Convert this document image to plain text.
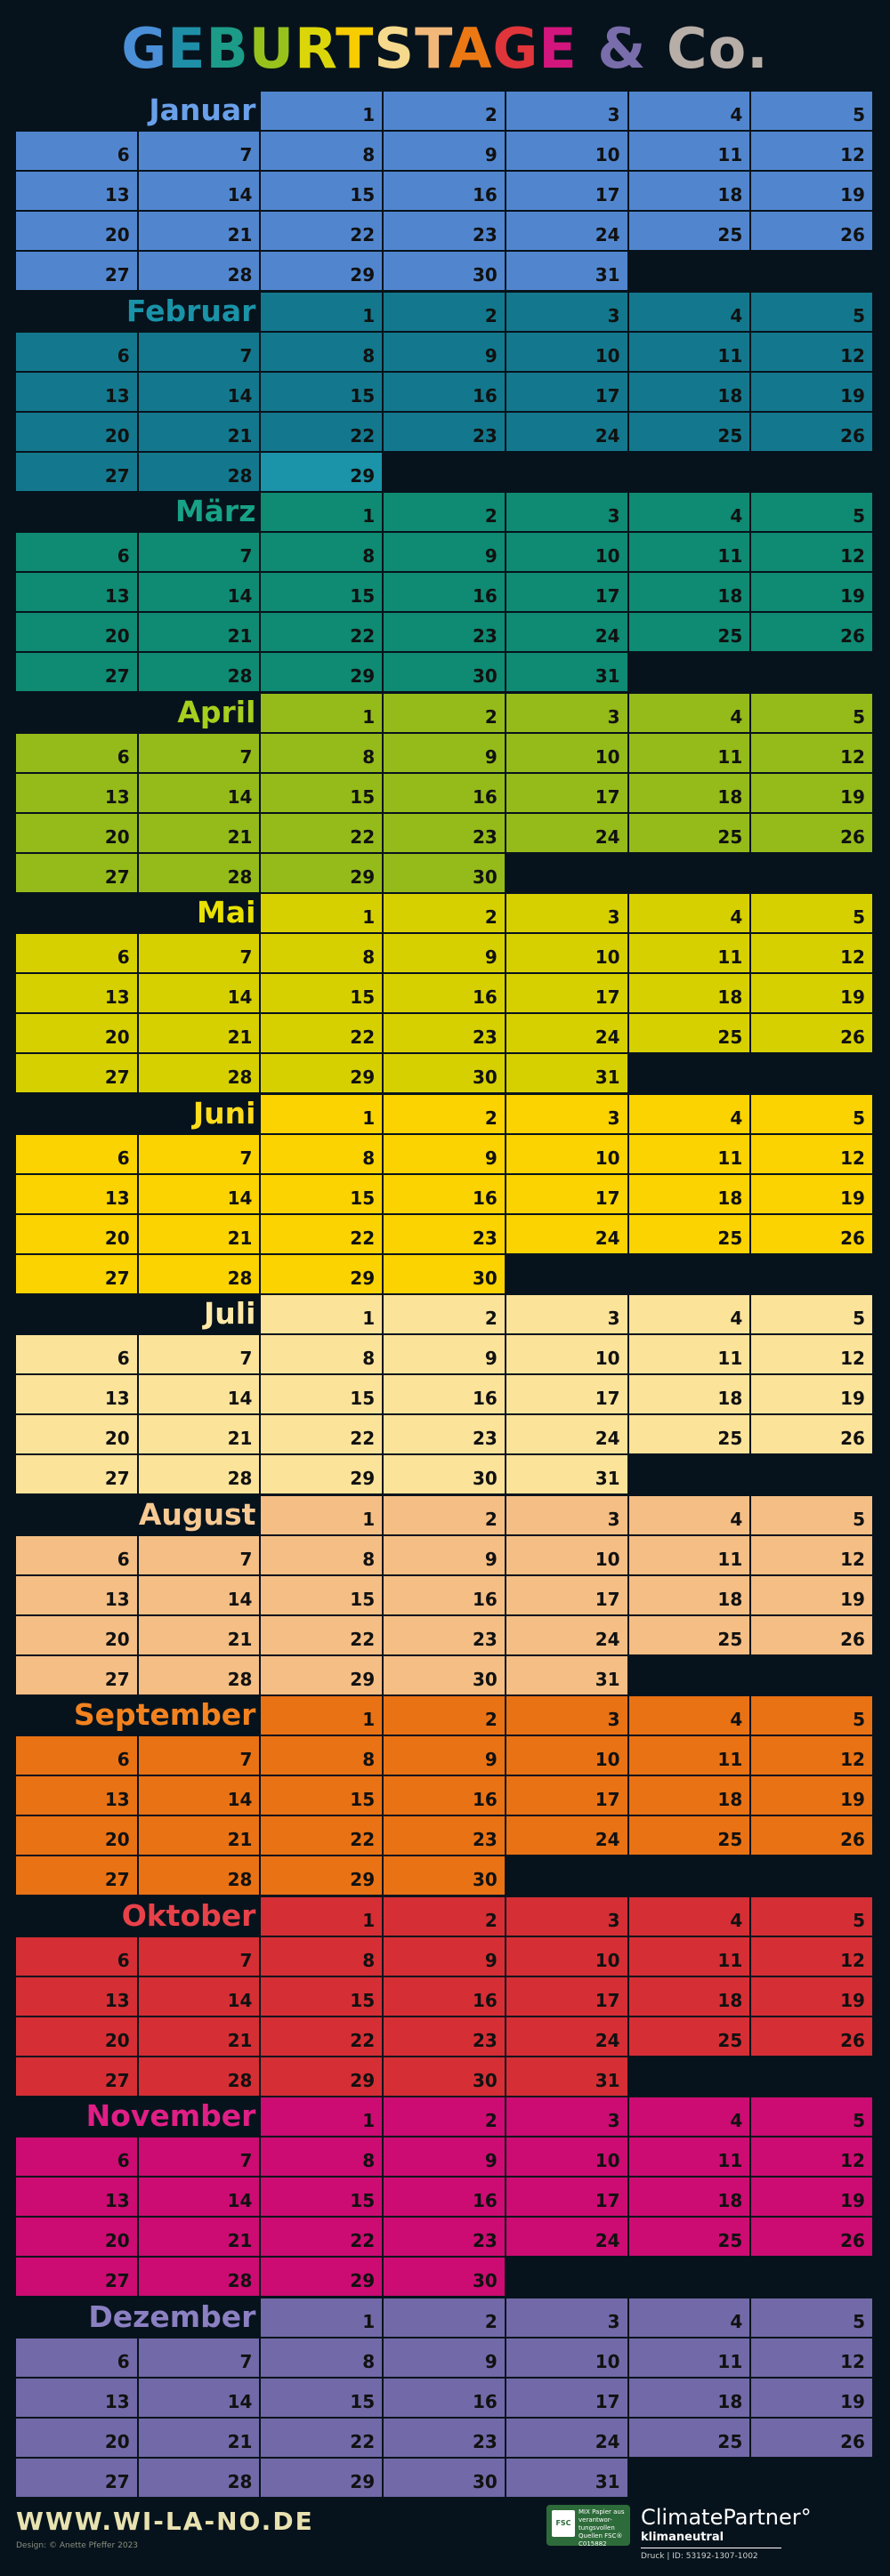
GEBURTSTAGE & Co.
Januar	1	2	3	4	5
6	7	8	9	10	11	12
13	14	15	16	17	18	19
20	21	22	23	24	25	26
27	28	29	30	31
Februar	1	2	3	4	5
6	7	8	9	10	11	12
13	14	15	16	17	18	19
20	21	22	23	24	25	26
27	28	29
März	1	2	3	4	5
6	7	8	9	10	11	12
13	14	15	16	17	18	19
20	21	22	23	24	25	26
27	28	29	30	31
April	1	2	3	4	5
6	7	8	9	10	11	12
13	14	15	16	17	18	19
20	21	22	23	24	25	26
27	28	29	30
Mai	1	2	3	4	5
6	7	8	9	10	11	12
13	14	15	16	17	18	19
20	21	22	23	24	25	26
27	28	29	30	31
Juni	1	2	3	4	5
6	7	8	9	10	11	12
13	14	15	16	17	18	19
20	21	22	23	24	25	26
27	28	29	30
Juli	1	2	3	4	5
6	7	8	9	10	11	12
13	14	15	16	17	18	19
20	21	22	23	24	25	26
27	28	29	30	31
August	1	2	3	4	5
6	7	8	9	10	11	12
13	14	15	16	17	18	19
20	21	22	23	24	25	26
27	28	29	30	31
September	1	2	3	4	5
6	7	8	9	10	11	12
13	14	15	16	17	18	19
20	21	22	23	24	25	26
27	28	29	30
Oktober	1	2	3	4	5
6	7	8	9	10	11	12
13	14	15	16	17	18	19
20	21	22	23	24	25	26
27	28	29	30	31
November	1	2	3	4	5
6	7	8	9	10	11	12
13	14	15	16	17	18	19
20	21	22	23	24	25	26
27	28	29	30
Dezember	1	2	3	4	5
6	7	8	9	10	11	12
13	14	15	16	17	18	19
20	21	22	23	24	25	26
27	28	29	30	31
WWW.WI-LA-NO.DE
Design: © Anette Pfeffer 2023
FSC
MIX Papier aus verantwor- tungsvollen Quellen FSC® C015882
ClimatePartner°
klimaneutral
Druck | ID: 53192-1307-1002
